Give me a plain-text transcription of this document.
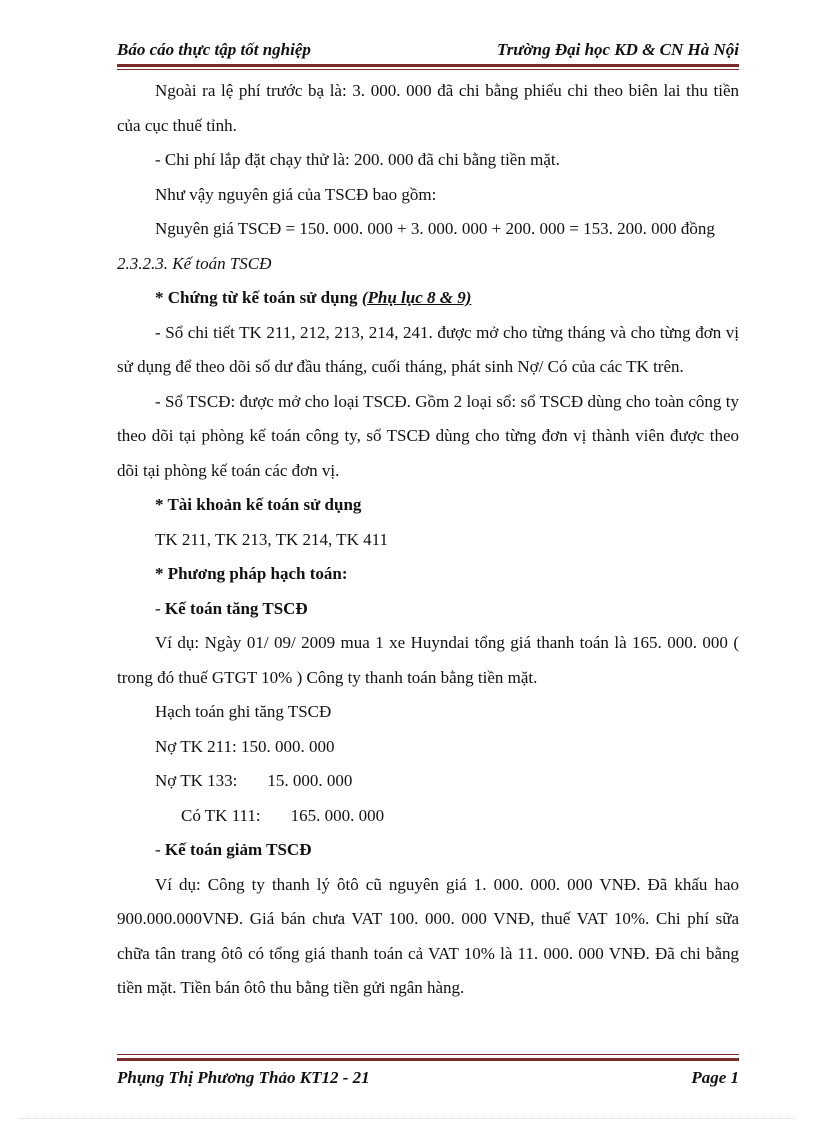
Báo cáo thực tập tốt nghiệp	Trường Đại học KD & CN Hà Nội

Ngoài ra lệ phí trước bạ là: 3. 000. 000 đã chi bằng phiếu chi theo biên lai thu tiền của cục thuế tỉnh.

- Chi phí lắp đặt chạy thử là: 200. 000 đã chi bằng tiền mặt.

Như vậy nguyên giá của TSCĐ bao gồm:

Nguyên giá TSCĐ = 150. 000. 000 + 3. 000. 000 + 200. 000 = 153. 200. 000 đồng

2.3.2.3. Kế toán TSCĐ

* Chứng từ kế toán sử dụng (Phụ lục 8 & 9)

- Sổ chi tiết TK 211, 212, 213, 214, 241. được mở cho từng tháng và cho từng đơn vị sử dụng để theo dõi số dư đầu tháng, cuối tháng, phát sinh Nợ/ Có của các TK trên.

- Sổ TSCĐ: được mở cho loại TSCĐ. Gồm 2 loại sổ: sổ TSCĐ dùng cho toàn công ty theo dõi tại phòng kế toán công ty, sổ TSCĐ dùng cho từng đơn vị thành viên được theo dõi tại phòng kế toán các đơn vị.

* Tài khoản kế toán sử dụng

TK 211, TK 213, TK 214, TK 411

* Phương pháp hạch toán:

- Kế toán tăng TSCĐ

Ví dụ: Ngày 01/ 09/ 2009 mua 1 xe Huyndai tổng giá thanh toán là 165. 000. 000 ( trong đó thuế GTGT 10% ) Công ty thanh toán bằng tiền mặt.

Hạch toán ghi tăng TSCĐ

Nợ TK 211: 150. 000. 000

Nợ TK 133: 15. 000. 000

Có TK 111: 165. 000. 000

- Kế toán giảm TSCĐ

Ví dụ: Công ty thanh lý ôtô cũ nguyên giá 1. 000. 000. 000 VNĐ. Đã khấu hao 900.000.000VNĐ. Giá bán chưa VAT 100. 000. 000 VNĐ, thuế VAT 10%. Chi phí sữa chữa tân trang ôtô có tổng giá thanh toán cả VAT 10% là 11. 000. 000 VNĐ. Đã chi bằng tiền mặt. Tiền bán ôtô thu bằng tiền gửi ngân hàng.

Phụng Thị Phương Thảo KT12 - 21	Page 1
